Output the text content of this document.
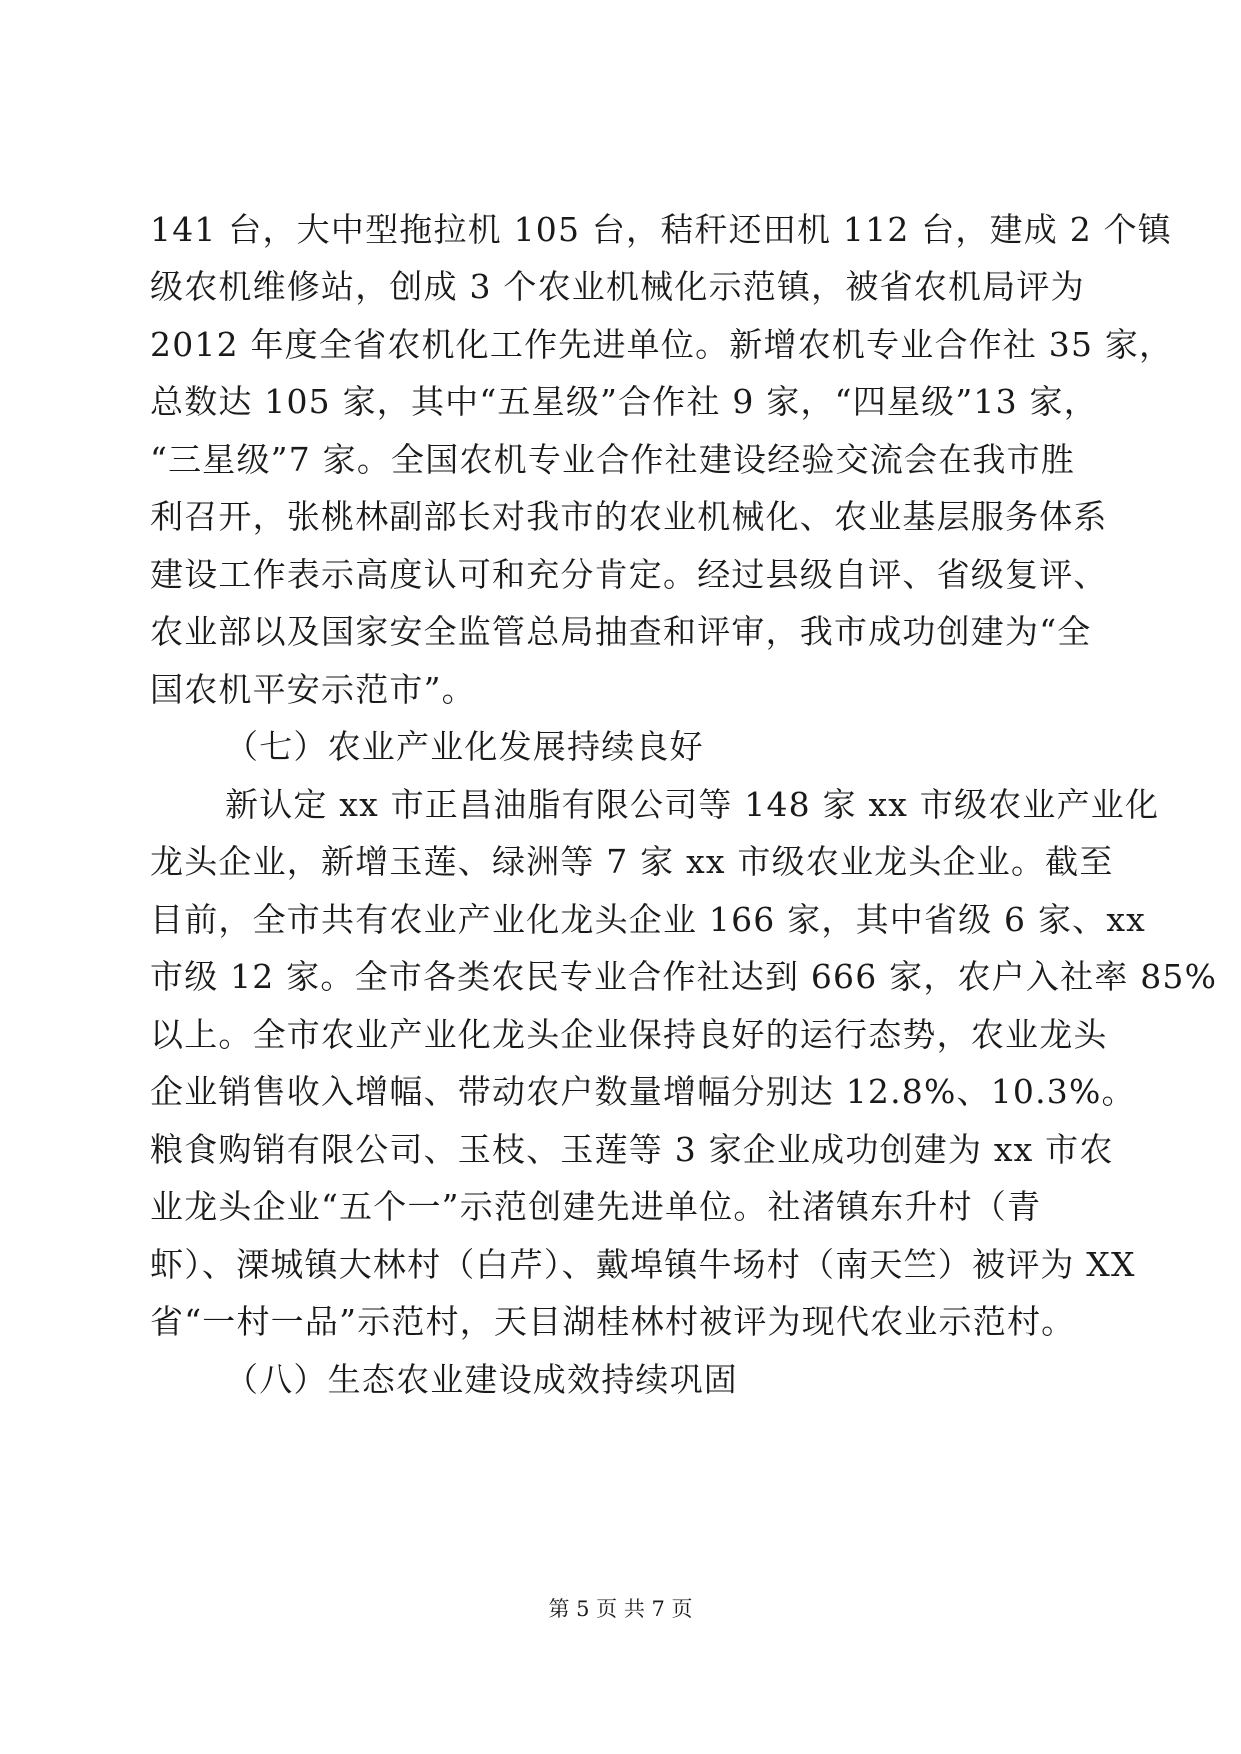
141 台，大中型拖拉机 105 台，秸秆还田机 112 台，建成 2 个镇
级农机维修站，创成 3 个农业机械化示范镇，被省农机局评为
2012 年度全省农机化工作先进单位。新增农机专业合作社 35 家，
总数达 105 家，其中“五星级”合作社 9 家，“四星级”13 家，
“三星级”7 家。全国农机专业合作社建设经验交流会在我市胜
利召开，张桃林副部长对我市的农业机械化、农业基层服务体系
建设工作表示高度认可和充分肯定。经过县级自评、省级复评、
农业部以及国家安全监管总局抽查和评审，我市成功创建为“全
国农机平安示范市”。
（七）农业产业化发展持续良好
新认定 xx 市正昌油脂有限公司等 148 家 xx 市级农业产业化
龙头企业，新增玉莲、绿洲等 7 家 xx 市级农业龙头企业。截至
目前，全市共有农业产业化龙头企业 166 家，其中省级 6 家、xx
市级 12 家。全市各类农民专业合作社达到 666 家，农户入社率 85%
以上。全市农业产业化龙头企业保持良好的运行态势，农业龙头
企业销售收入增幅、带动农户数量增幅分别达 12.8%、10.3%。
粮食购销有限公司、玉枝、玉莲等 3 家企业成功创建为 xx 市农
业龙头企业“五个一”示范创建先进单位。社渚镇东升村（青
虾）、溧城镇大林村（白芹）、戴埠镇牛场村（南天竺）被评为 XX
省“一村一品”示范村，天目湖桂林村被评为现代农业示范村。
（八）生态农业建设成效持续巩固
第 5 页 共 7 页
